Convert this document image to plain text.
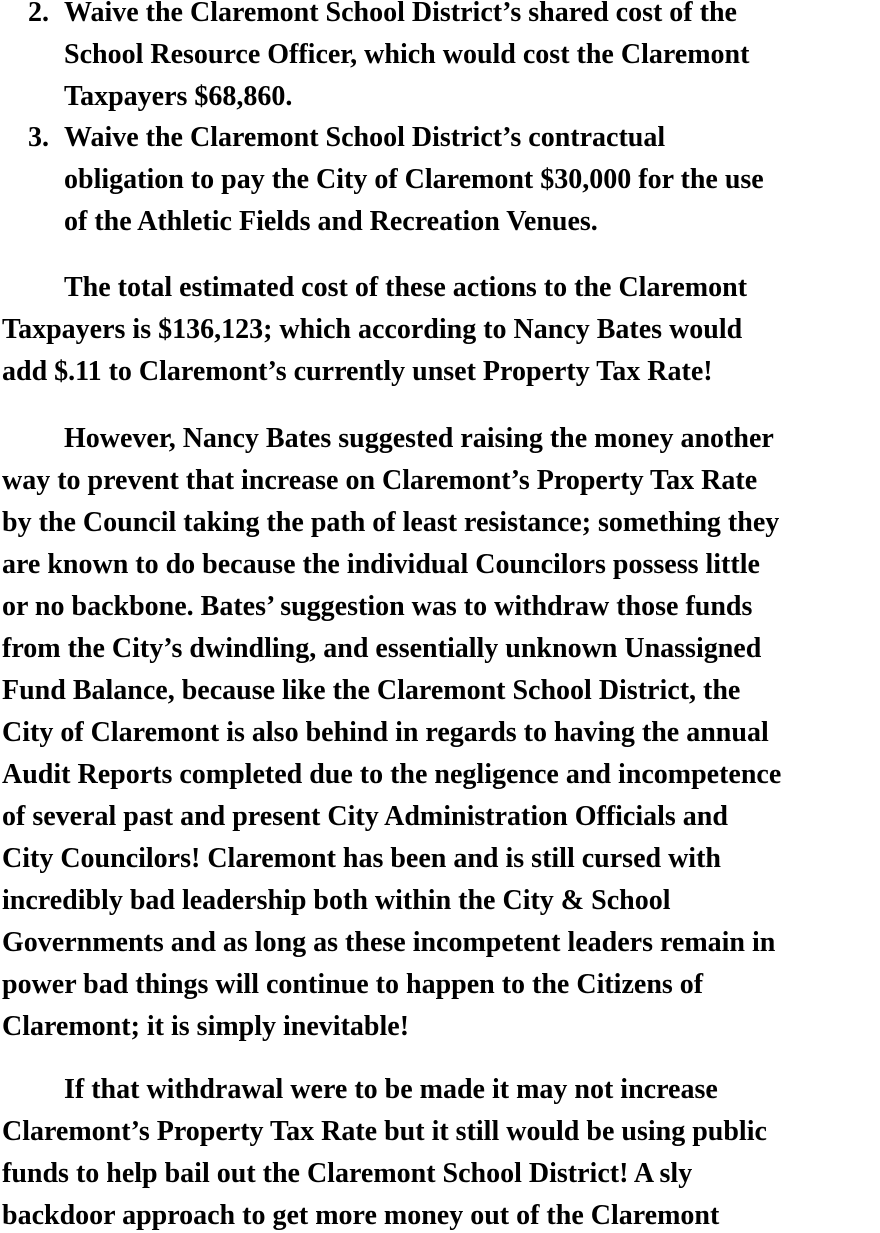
2. Waive the Claremont School District’s shared cost of the
School Resource Officer, which would cost the Claremont
Taxpayers $68,860.
3. Waive the Claremont School District’s contractual
obligation to pay the City of Claremont $30,000 for the use
of the Athletic Fields and Recreation Venues.
The total estimated cost of these actions to the Claremont
Taxpayers is $136,123; which according to Nancy Bates would
add $.11 to Claremont’s currently unset Property Tax Rate!
However, Nancy Bates suggested raising the money another
way to prevent that increase on Claremont’s Property Tax Rate
by the Council taking the path of least resistance; something they
are known to do because the individual Councilors possess little
or no backbone. Bates’ suggestion was to withdraw those funds
from the City’s dwindling, and essentially unknown Unassigned
Fund Balance, because like the Claremont School District, the
City of Claremont is also behind in regards to having the annual
Audit Reports completed due to the negligence and incompetence
of several past and present City Administration Officials and
City Councilors! Claremont has been and is still cursed with
incredibly bad leadership both within the City & School
Governments and as long as these incompetent leaders remain in
power bad things will continue to happen to the Citizens of
Claremont; it is simply inevitable!
If that withdrawal were to be made it may not increase
Claremont’s Property Tax Rate but it still would be using public
funds to help bail out the Claremont School District! A sly
backdoor approach to get more money out of the Claremont
